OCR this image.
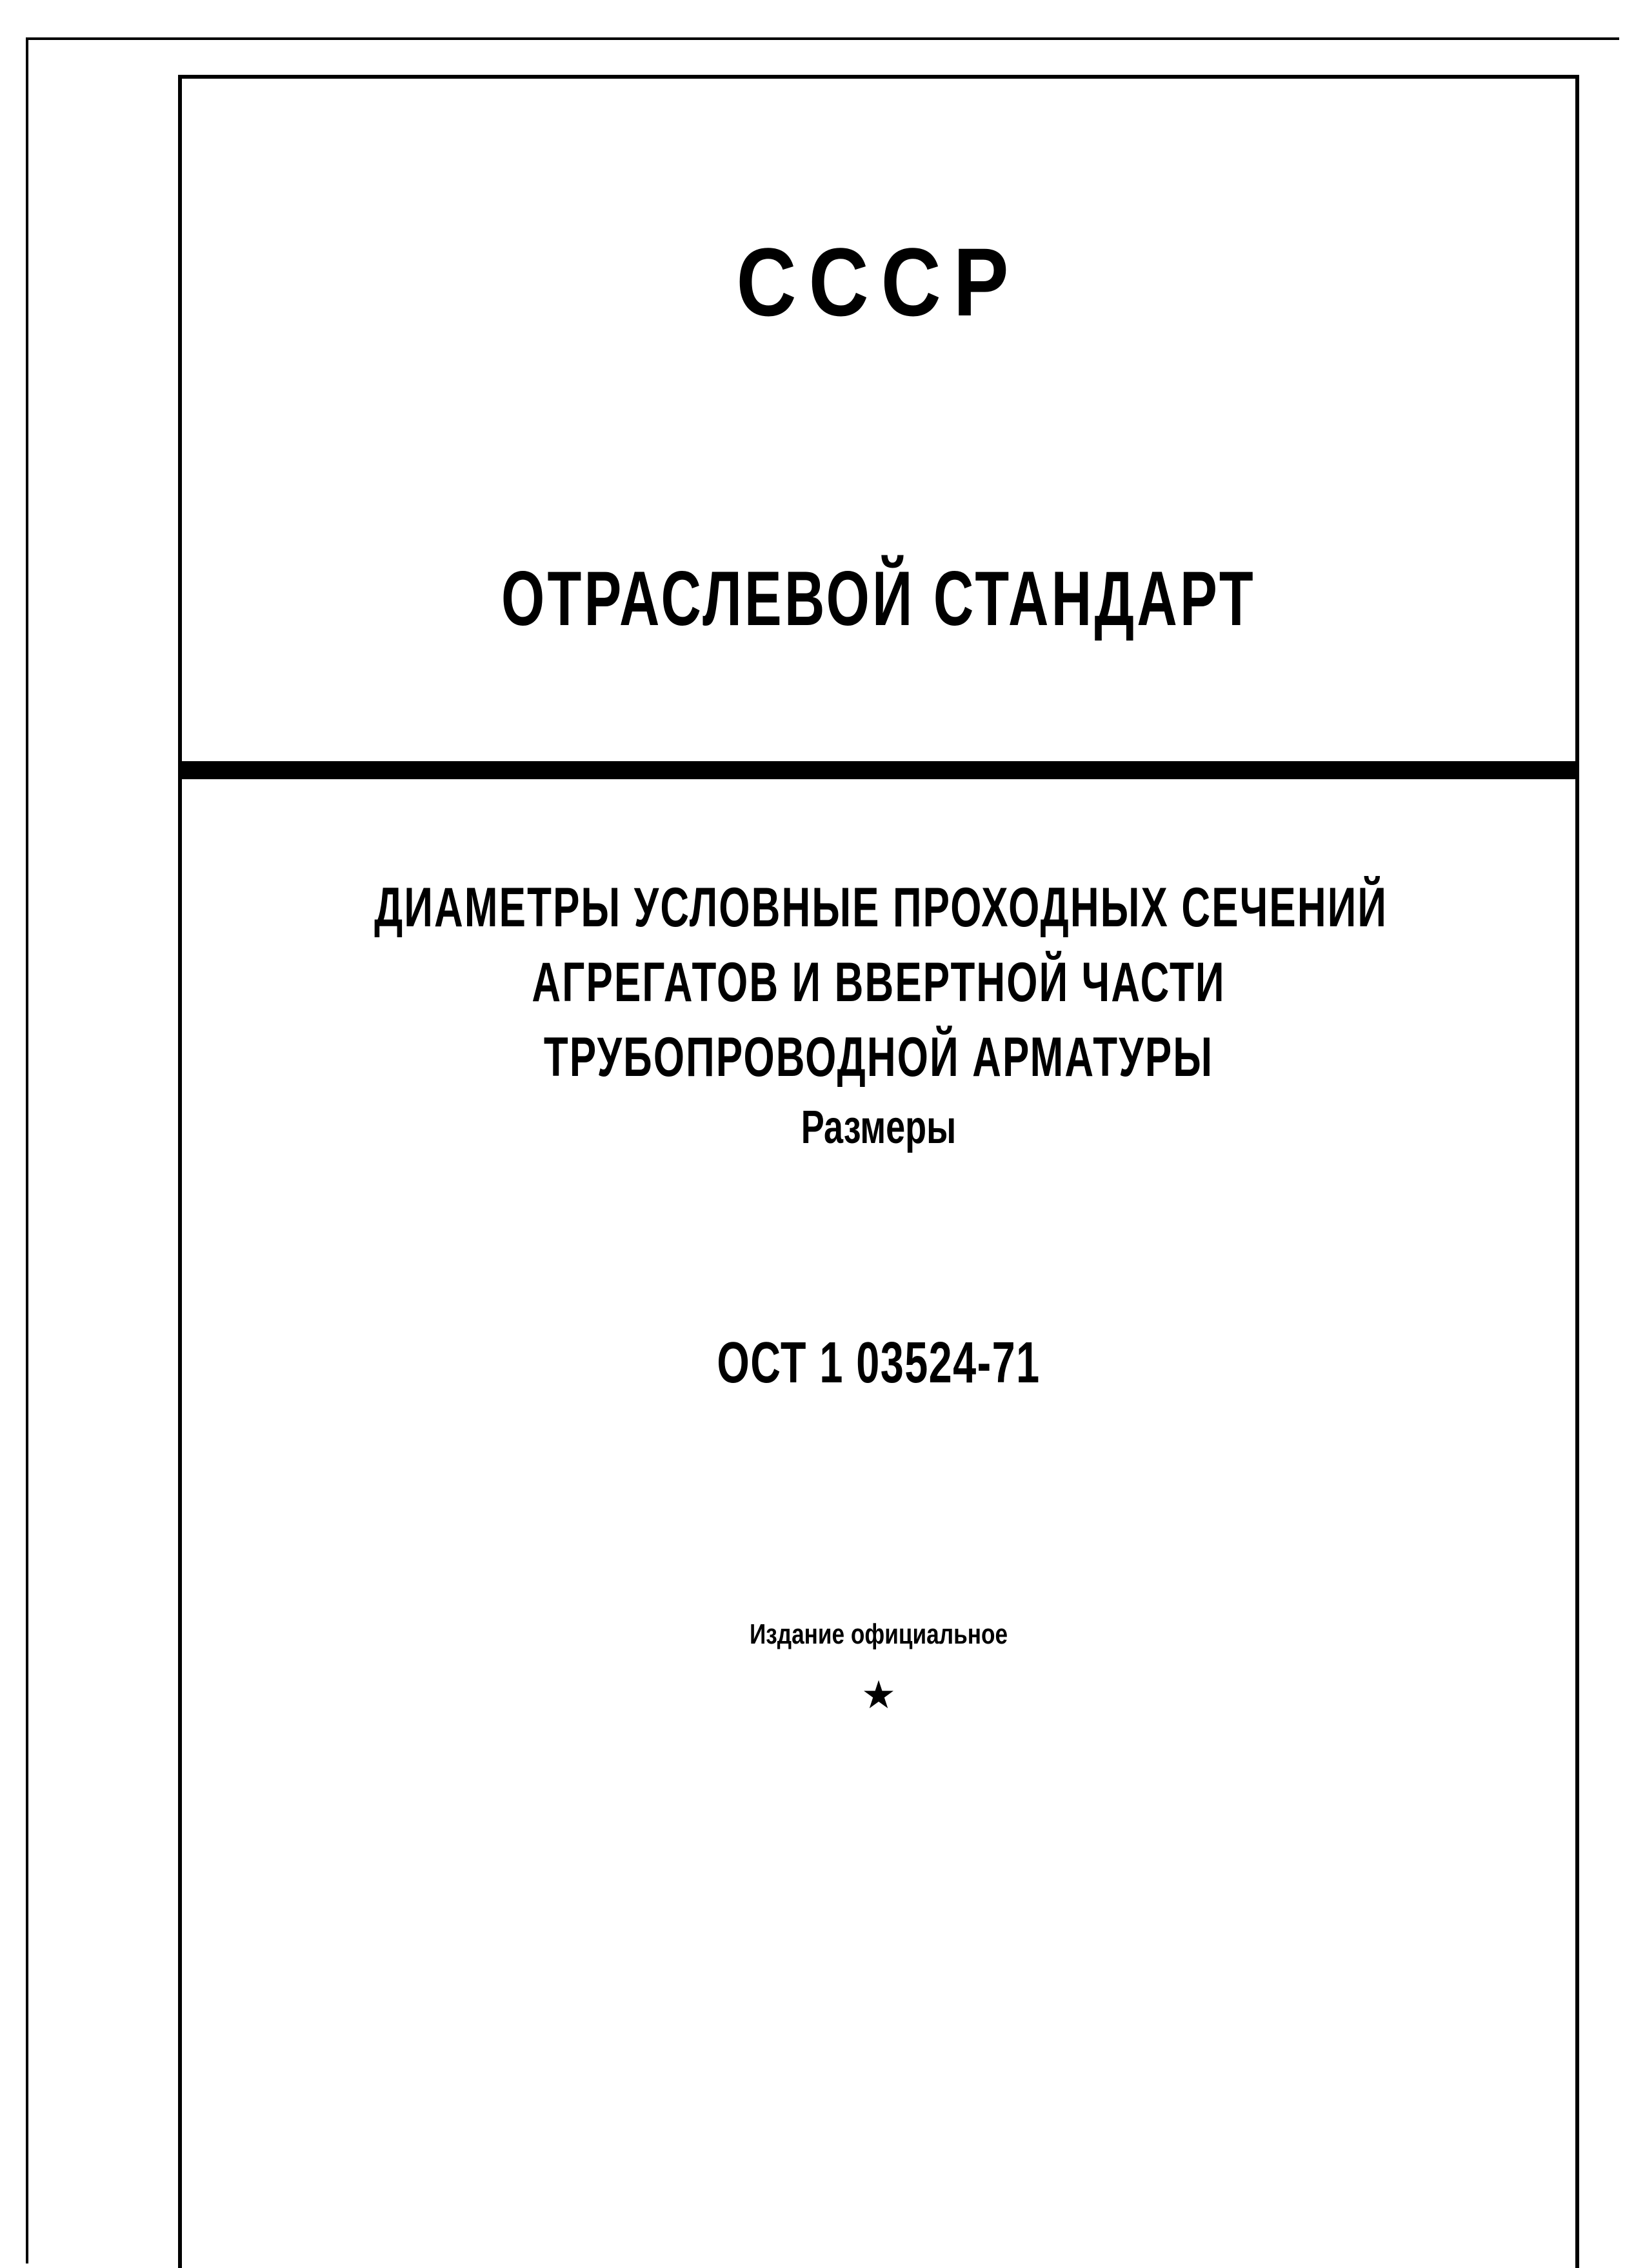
СССР

ОТРАСЛЕВОЙ СТАНДАРТ

ДИАМЕТРЫ УСЛОВНЫЕ ПРОХОДНЫХ СЕЧЕНИЙ

АГРЕГАТОВ И ВВЕРТНОЙ ЧАСТИ

ТРУБОПРОВОДНОЙ АРМАТУРЫ

Размеры

ОСТ 1 03524-71

Издание официальное

★
